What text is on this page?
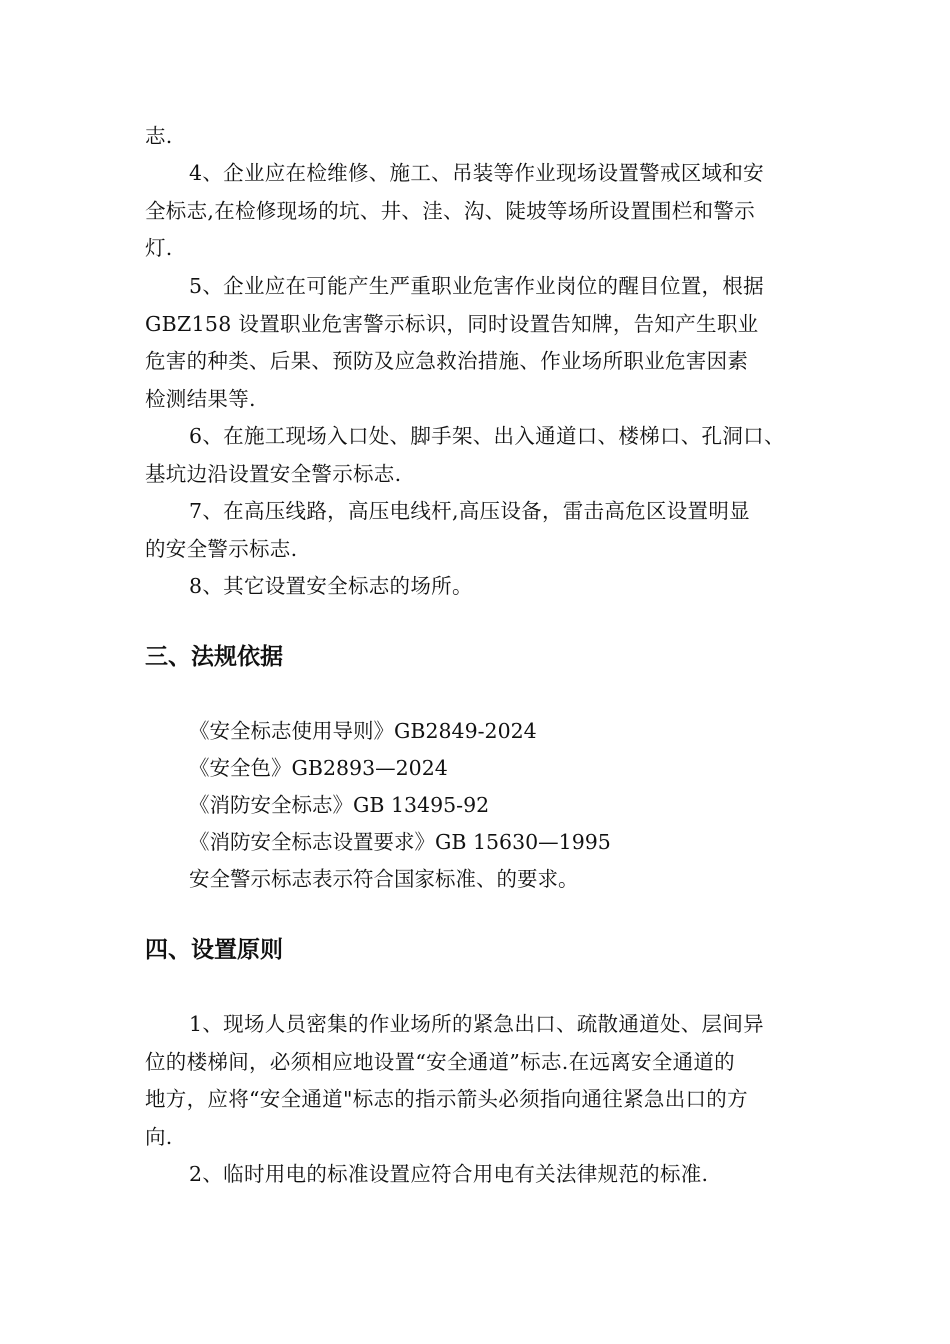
志.
4、企业应在检维修、施工、吊装等作业现场设置警戒区域和安
全标志,在检修现场的坑、井、洼、沟、陡坡等场所设置围栏和警示
灯.
5、企业应在可能产生严重职业危害作业岗位的醒目位置，根据
GBZ158 设置职业危害警示标识，同时设置告知牌，告知产生职业
危害的种类、后果、预防及应急救治措施、作业场所职业危害因素
检测结果等.
6、在施工现场入口处、脚手架、出入通道口、楼梯口、孔洞口、
基坑边沿设置安全警示标志.
7、在高压线路，高压电线杆,高压设备，雷击高危区设置明显
的安全警示标志.
8、其它设置安全标志的场所。
三、法规依据
《安全标志使用导则》GB2849-2024
《安全色》GB2893—2024
《消防安全标志》GB 13495-92
《消防安全标志设置要求》GB 15630—1995
安全警示标志表示符合国家标准、的要求。
四、设置原则
1、现场人员密集的作业场所的紧急出口、疏散通道处、层间异
位的楼梯间，必须相应地设置“安全通道”标志.在远离安全通道的
地方，应将“安全通道"标志的指示箭头必须指向通往紧急出口的方
向.
2、临时用电的标准设置应符合用电有关法律规范的标准.
